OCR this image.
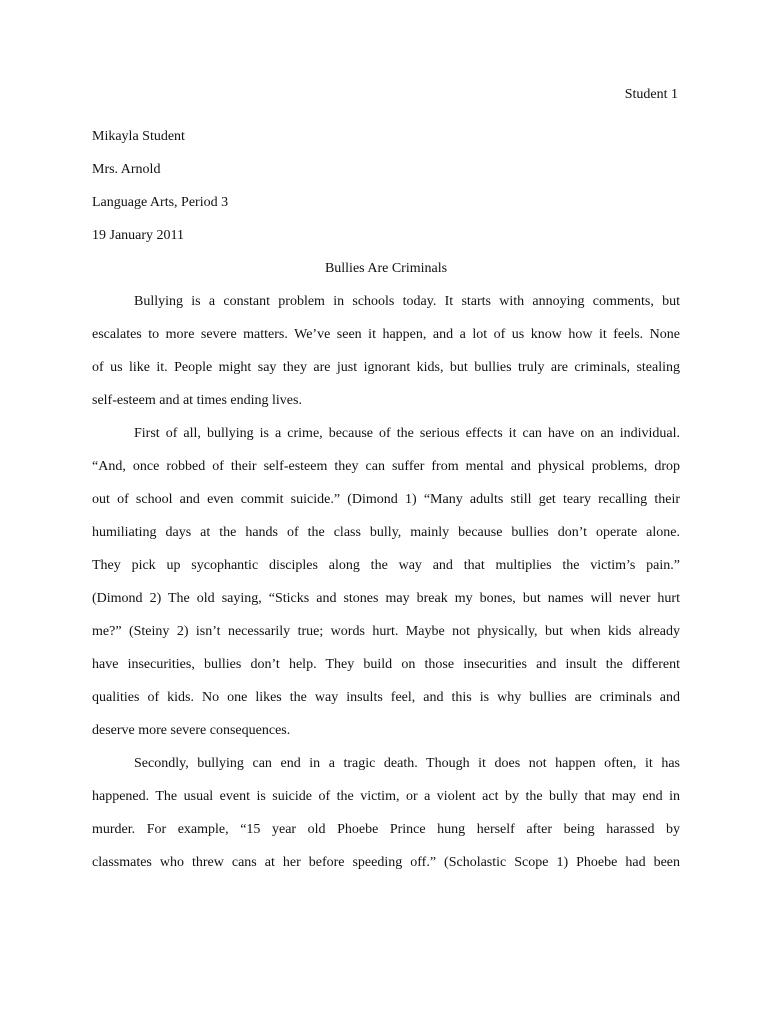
Student 1
Mikayla Student
Mrs. Arnold
Language Arts, Period 3
19 January 2011
Bullies Are Criminals
Bullying is a constant problem in schools today. It starts with annoying comments, but
escalates to more severe matters. We’ve seen it happen, and a lot of us know how it feels. None
of us like it. People might say they are just ignorant kids, but bullies truly are criminals, stealing
self-esteem and at times ending lives.
First of all, bullying is a crime, because of the serious effects it can have on an individual.
“And, once robbed of their self-esteem they can suffer from mental and physical problems, drop
out of school and even commit suicide.” (Dimond 1) “Many adults still get teary recalling their
humiliating days at the hands of the class bully, mainly because bullies don’t operate alone.
They pick up sycophantic disciples along the way and that multiplies the victim’s pain.”
(Dimond 2) The old saying, “Sticks and stones may break my bones, but names will never hurt
me?” (Steiny 2) isn’t necessarily true; words hurt. Maybe not physically, but when kids already
have insecurities, bullies don’t help. They build on those insecurities and insult the different
qualities of kids. No one likes the way insults feel, and this is why bullies are criminals and
deserve more severe consequences.
Secondly, bullying can end in a tragic death. Though it does not happen often, it has
happened. The usual event is suicide of the victim, or a violent act by the bully that may end in
murder. For example, “15 year old Phoebe Prince hung herself after being harassed by
classmates who threw cans at her before speeding off.” (Scholastic Scope 1) Phoebe had been
